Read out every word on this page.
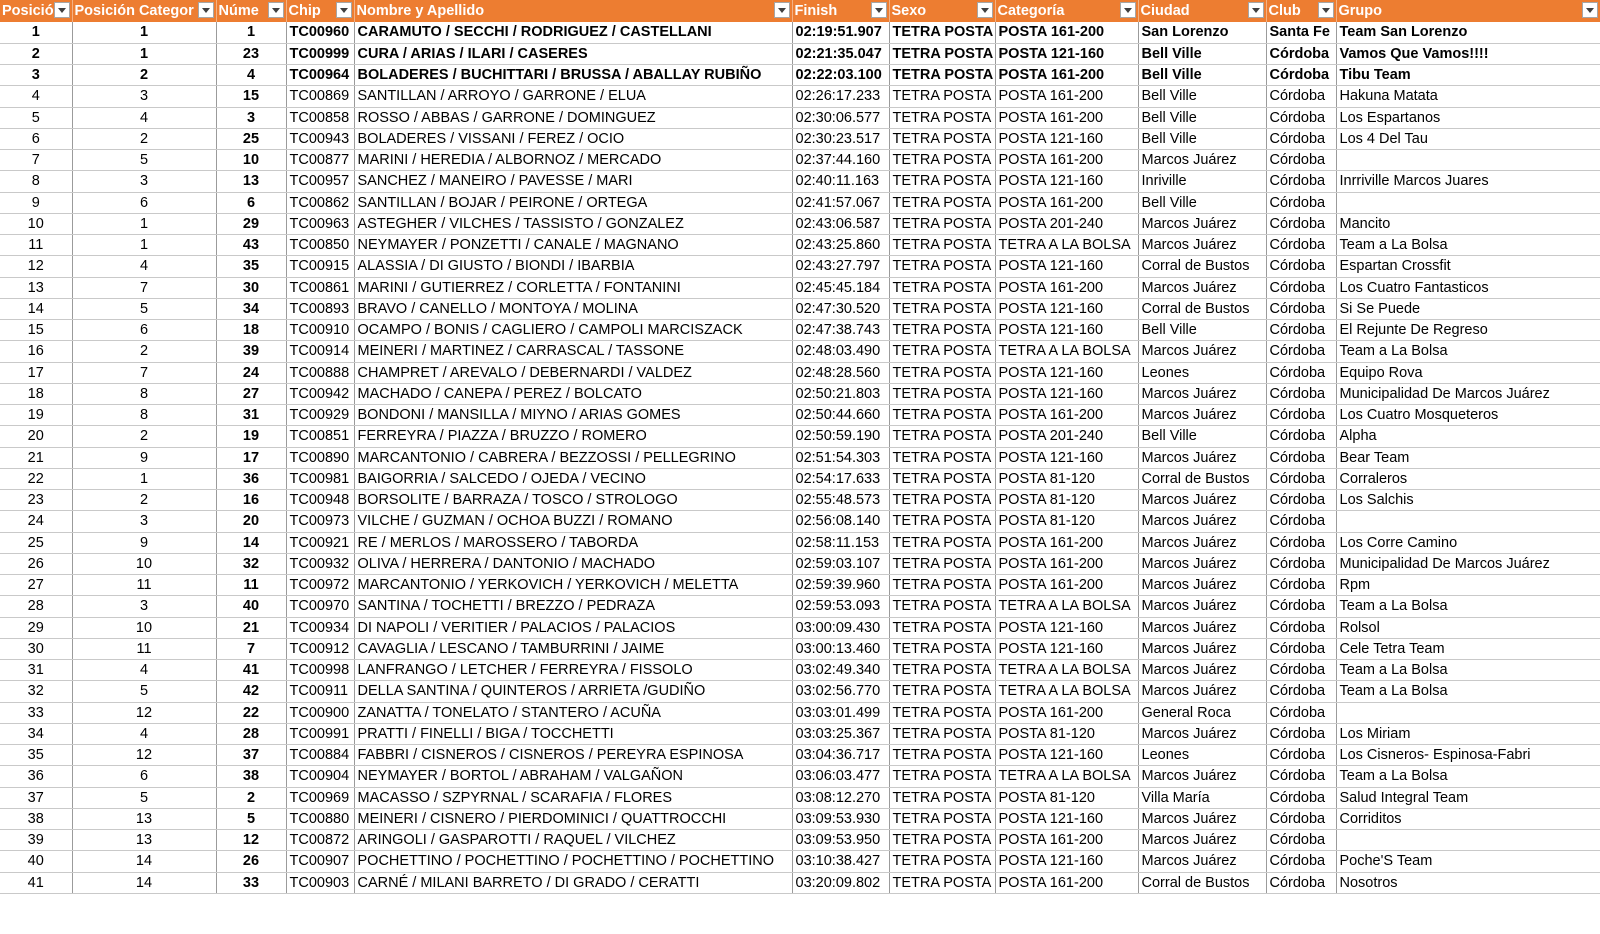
Posició	Posición Categor	Núme	Chip	Nombre y Apellido	Finish	Sexo	Categoría	Ciudad	Club	Grupo

1	1	1	TC00960	CARAMUTO / SECCHI / RODRIGUEZ / CASTELLANI	02:19:51.907	TETRA POSTA	POSTA 161-200	San Lorenzo	Santa Fe	Team San Lorenzo
2	1	23	TC00999	CURA / ARIAS / ILARI / CASERES	02:21:35.047	TETRA POSTA	POSTA 121-160	Bell Ville	Córdoba	Vamos Que Vamos!!!!
3	2	4	TC00964	BOLADERES / BUCHITTARI / BRUSSA / ABALLAY RUBIÑO	02:22:03.100	TETRA POSTA	POSTA 161-200	Bell Ville	Córdoba	Tibu Team
4	3	15	TC00869	SANTILLAN / ARROYO / GARRONE / ELUA	02:26:17.233	TETRA POSTA	POSTA 161-200	Bell Ville	Córdoba	Hakuna Matata
5	4	3	TC00858	ROSSO / ABBAS / GARRONE / DOMINGUEZ	02:30:06.577	TETRA POSTA	POSTA 161-200	Bell Ville	Córdoba	Los Espartanos
6	2	25	TC00943	BOLADERES / VISSANI / FEREZ / OCIO	02:30:23.517	TETRA POSTA	POSTA 121-160	Bell Ville	Córdoba	Los 4 Del Tau
7	5	10	TC00877	MARINI / HEREDIA / ALBORNOZ / MERCADO	02:37:44.160	TETRA POSTA	POSTA 161-200	Marcos Juárez	Córdoba	
8	3	13	TC00957	SANCHEZ / MANEIRO / PAVESSE / MARI	02:40:11.163	TETRA POSTA	POSTA 121-160	Inriville	Córdoba	Inrriville Marcos Juares
9	6	6	TC00862	SANTILLAN / BOJAR / PEIRONE / ORTEGA	02:41:57.067	TETRA POSTA	POSTA 161-200	Bell Ville	Córdoba	
10	1	29	TC00963	ASTEGHER / VILCHES / TASSISTO / GONZALEZ	02:43:06.587	TETRA POSTA	POSTA 201-240	Marcos Juárez	Córdoba	Mancito
11	1	43	TC00850	NEYMAYER / PONZETTI / CANALE / MAGNANO	02:43:25.860	TETRA POSTA	TETRA A LA BOLSA	Marcos Juárez	Córdoba	Team a La Bolsa
12	4	35	TC00915	ALASSIA / DI GIUSTO / BIONDI / IBARBIA	02:43:27.797	TETRA POSTA	POSTA 121-160	Corral de Bustos	Córdoba	Espartan Crossfit
13	7	30	TC00861	MARINI / GUTIERREZ / CORLETTA / FONTANINI	02:45:45.184	TETRA POSTA	POSTA 161-200	Marcos Juárez	Córdoba	Los Cuatro Fantasticos
14	5	34	TC00893	BRAVO / CANELLO / MONTOYA / MOLINA	02:47:30.520	TETRA POSTA	POSTA 121-160	Corral de Bustos	Córdoba	Si Se Puede
15	6	18	TC00910	OCAMPO / BONIS / CAGLIERO / CAMPOLI MARCISZACK	02:47:38.743	TETRA POSTA	POSTA 121-160	Bell Ville	Córdoba	El Rejunte De Regreso
16	2	39	TC00914	MEINERI / MARTINEZ / CARRASCAL / TASSONE	02:48:03.490	TETRA POSTA	TETRA A LA BOLSA	Marcos Juárez	Córdoba	Team a La Bolsa
17	7	24	TC00888	CHAMPRET / AREVALO / DEBERNARDI / VALDEZ	02:48:28.560	TETRA POSTA	POSTA 121-160	Leones	Córdoba	Equipo Rova
18	8	27	TC00942	MACHADO / CANEPA / PEREZ / BOLCATO	02:50:21.803	TETRA POSTA	POSTA 121-160	Marcos Juárez	Córdoba	Municipalidad De Marcos Juárez
19	8	31	TC00929	BONDONI / MANSILLA / MIYNO / ARIAS GOMES	02:50:44.660	TETRA POSTA	POSTA 161-200	Marcos Juárez	Córdoba	Los Cuatro Mosqueteros
20	2	19	TC00851	FERREYRA / PIAZZA / BRUZZO / ROMERO	02:50:59.190	TETRA POSTA	POSTA 201-240	Bell Ville	Córdoba	Alpha
21	9	17	TC00890	MARCANTONIO / CABRERA / BEZZOSSI / PELLEGRINO	02:51:54.303	TETRA POSTA	POSTA 121-160	Marcos Juárez	Córdoba	Bear Team
22	1	36	TC00981	BAIGORRIA / SALCEDO / OJEDA / VECINO	02:54:17.633	TETRA POSTA	POSTA 81-120	Corral de Bustos	Córdoba	Corraleros
23	2	16	TC00948	BORSOLITE / BARRAZA / TOSCO / STROLOGO	02:55:48.573	TETRA POSTA	POSTA 81-120	Marcos Juárez	Córdoba	Los Salchis
24	3	20	TC00973	VILCHE / GUZMAN / OCHOA BUZZI / ROMANO	02:56:08.140	TETRA POSTA	POSTA 81-120	Marcos Juárez	Córdoba	
25	9	14	TC00921	RE / MERLOS / MAROSSERO / TABORDA	02:58:11.153	TETRA POSTA	POSTA 161-200	Marcos Juárez	Córdoba	Los Corre Camino
26	10	32	TC00932	OLIVA / HERRERA / DANTONIO / MACHADO	02:59:03.107	TETRA POSTA	POSTA 161-200	Marcos Juárez	Córdoba	Municipalidad De Marcos Juárez
27	11	11	TC00972	MARCANTONIO / YERKOVICH / YERKOVICH / MELETTA	02:59:39.960	TETRA POSTA	POSTA 161-200	Marcos Juárez	Córdoba	Rpm
28	3	40	TC00970	SANTINA / TOCHETTI / BREZZO / PEDRAZA	02:59:53.093	TETRA POSTA	TETRA A LA BOLSA	Marcos Juárez	Córdoba	Team a La Bolsa
29	10	21	TC00934	DI NAPOLI / VERITIER / PALACIOS / PALACIOS	03:00:09.430	TETRA POSTA	POSTA 121-160	Marcos Juárez	Córdoba	Rolsol
30	11	7	TC00912	CAVAGLIA / LESCANO / TAMBURRINI / JAIME	03:00:13.460	TETRA POSTA	POSTA 121-160	Marcos Juárez	Córdoba	Cele Tetra Team
31	4	41	TC00998	LANFRANGO / LETCHER / FERREYRA / FISSOLO	03:02:49.340	TETRA POSTA	TETRA A LA BOLSA	Marcos Juárez	Córdoba	Team a La Bolsa
32	5	42	TC00911	DELLA SANTINA / QUINTEROS / ARRIETA /GUDIÑO	03:02:56.770	TETRA POSTA	TETRA A LA BOLSA	Marcos Juárez	Córdoba	Team a La Bolsa
33	12	22	TC00900	ZANATTA / TONELATO / STANTERO / ACUÑA	03:03:01.499	TETRA POSTA	POSTA 161-200	General Roca	Córdoba	
34	4	28	TC00991	PRATTI / FINELLI / BIGA / TOCCHETTI	03:03:25.367	TETRA POSTA	POSTA 81-120	Marcos Juárez	Córdoba	Los Miriam
35	12	37	TC00884	FABBRI / CISNEROS / CISNEROS / PEREYRA ESPINOSA	03:04:36.717	TETRA POSTA	POSTA 121-160	Leones	Córdoba	Los Cisneros- Espinosa-Fabri
36	6	38	TC00904	NEYMAYER / BORTOL / ABRAHAM / VALGAÑON	03:06:03.477	TETRA POSTA	TETRA A LA BOLSA	Marcos Juárez	Córdoba	Team a La Bolsa
37	5	2	TC00969	MACASSO / SZPYRNAL / SCARAFIA / FLORES	03:08:12.270	TETRA POSTA	POSTA 81-120	Villa María	Córdoba	Salud Integral Team
38	13	5	TC00880	MEINERI / CISNERO / PIERDOMINICI / QUATTROCCHI	03:09:53.930	TETRA POSTA	POSTA 121-160	Marcos Juárez	Córdoba	Corriditos
39	13	12	TC00872	ARINGOLI / GASPAROTTI / RAQUEL / VILCHEZ	03:09:53.950	TETRA POSTA	POSTA 161-200	Marcos Juárez	Córdoba	
40	14	26	TC00907	POCHETTINO / POCHETTINO / POCHETTINO / POCHETTINO	03:10:38.427	TETRA POSTA	POSTA 121-160	Marcos Juárez	Córdoba	Poche'S Team
41	14	33	TC00903	CARNÉ / MILANI BARRETO / DI GRADO / CERATTI	03:20:09.802	TETRA POSTA	POSTA 161-200	Corral de Bustos	Córdoba	Nosotros
